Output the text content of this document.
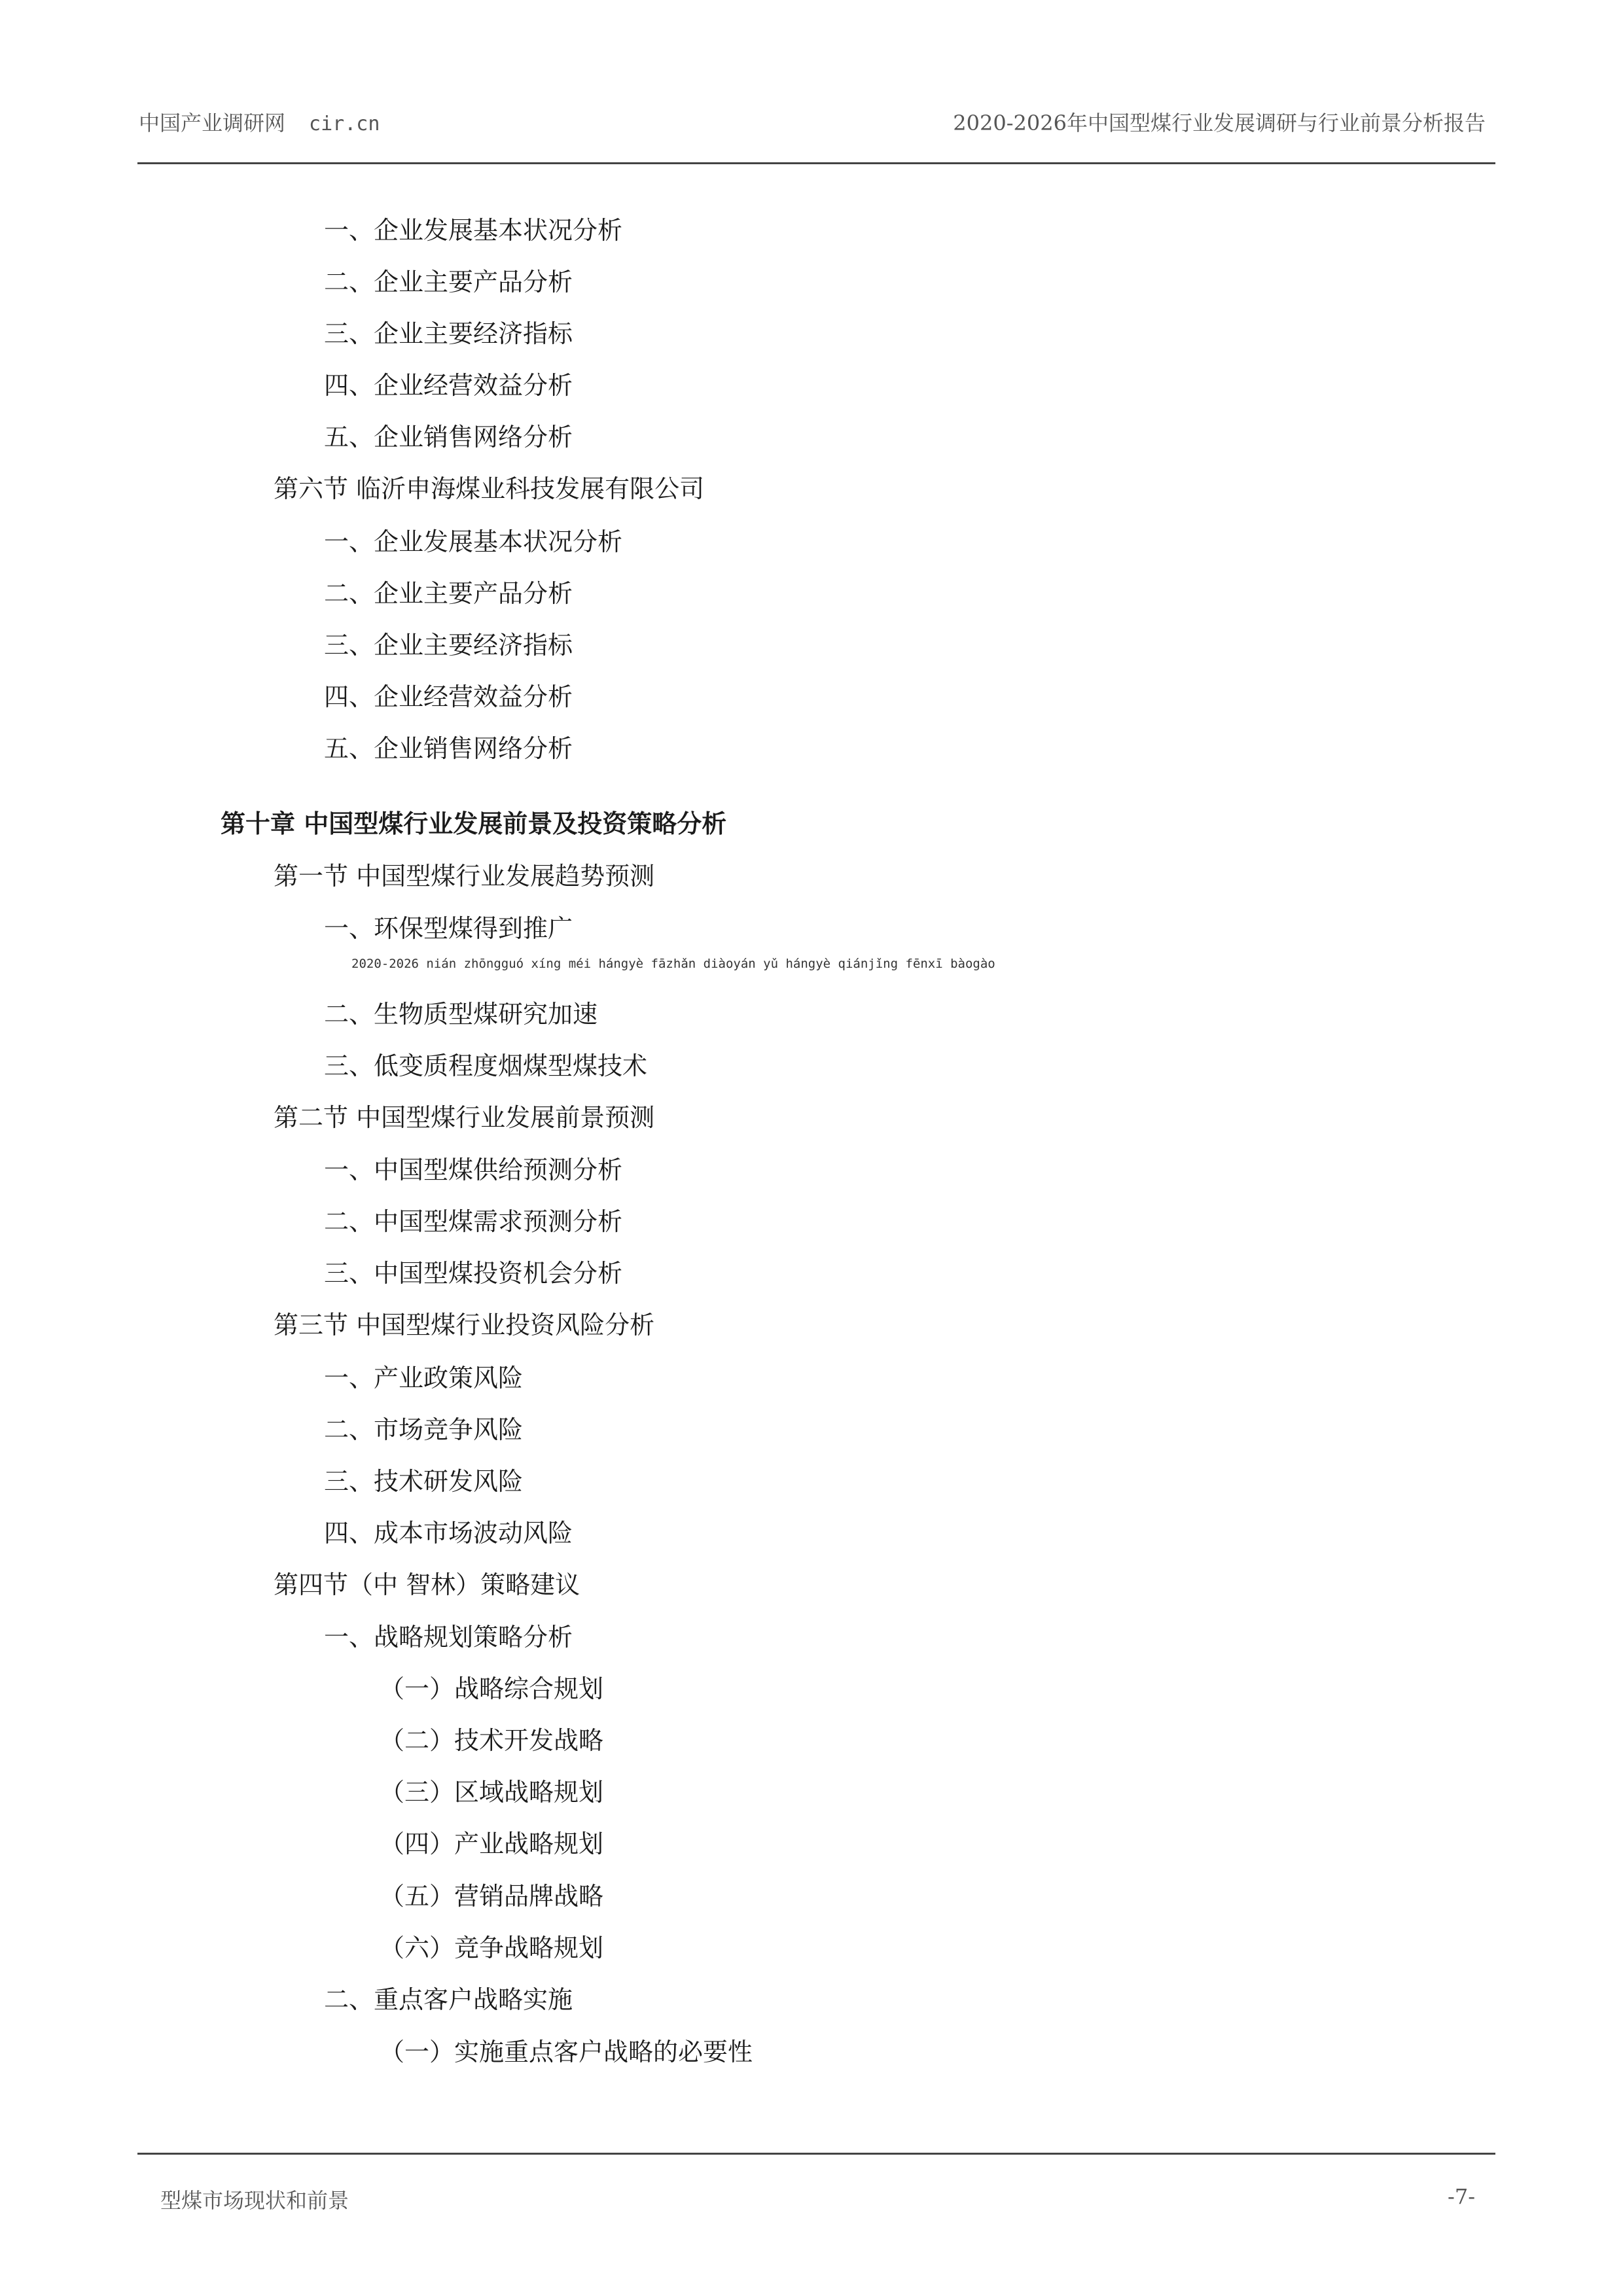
中国产业调研网 cir.cn	2020-2026年中国型煤行业发展调研与行业前景分析报告
一、企业发展基本状况分析
二、企业主要产品分析
三、企业主要经济指标
四、企业经营效益分析
五、企业销售网络分析
第六节 临沂申海煤业科技发展有限公司
一、企业发展基本状况分析
二、企业主要产品分析
三、企业主要经济指标
四、企业经营效益分析
五、企业销售网络分析
第十章 中国型煤行业发展前景及投资策略分析
第一节 中国型煤行业发展趋势预测
一、环保型煤得到推广
2020-2026 nián zhōngguó xíng méi hángyè fāzhǎn diàoyán yǔ hángyè qiánjǐng fēnxī bàogào
二、生物质型煤研究加速
三、低变质程度烟煤型煤技术
第二节 中国型煤行业发展前景预测
一、中国型煤供给预测分析
二、中国型煤需求预测分析
三、中国型煤投资机会分析
第三节 中国型煤行业投资风险分析
一、产业政策风险
二、市场竞争风险
三、技术研发风险
四、成本市场波动风险
第四节（中 智林）策略建议
一、战略规划策略分析
（一）战略综合规划
（二）技术开发战略
（三）区域战略规划
（四）产业战略规划
（五）营销品牌战略
（六）竞争战略规划
二、重点客户战略实施
（一）实施重点客户战略的必要性
型煤市场现状和前景	-7-
